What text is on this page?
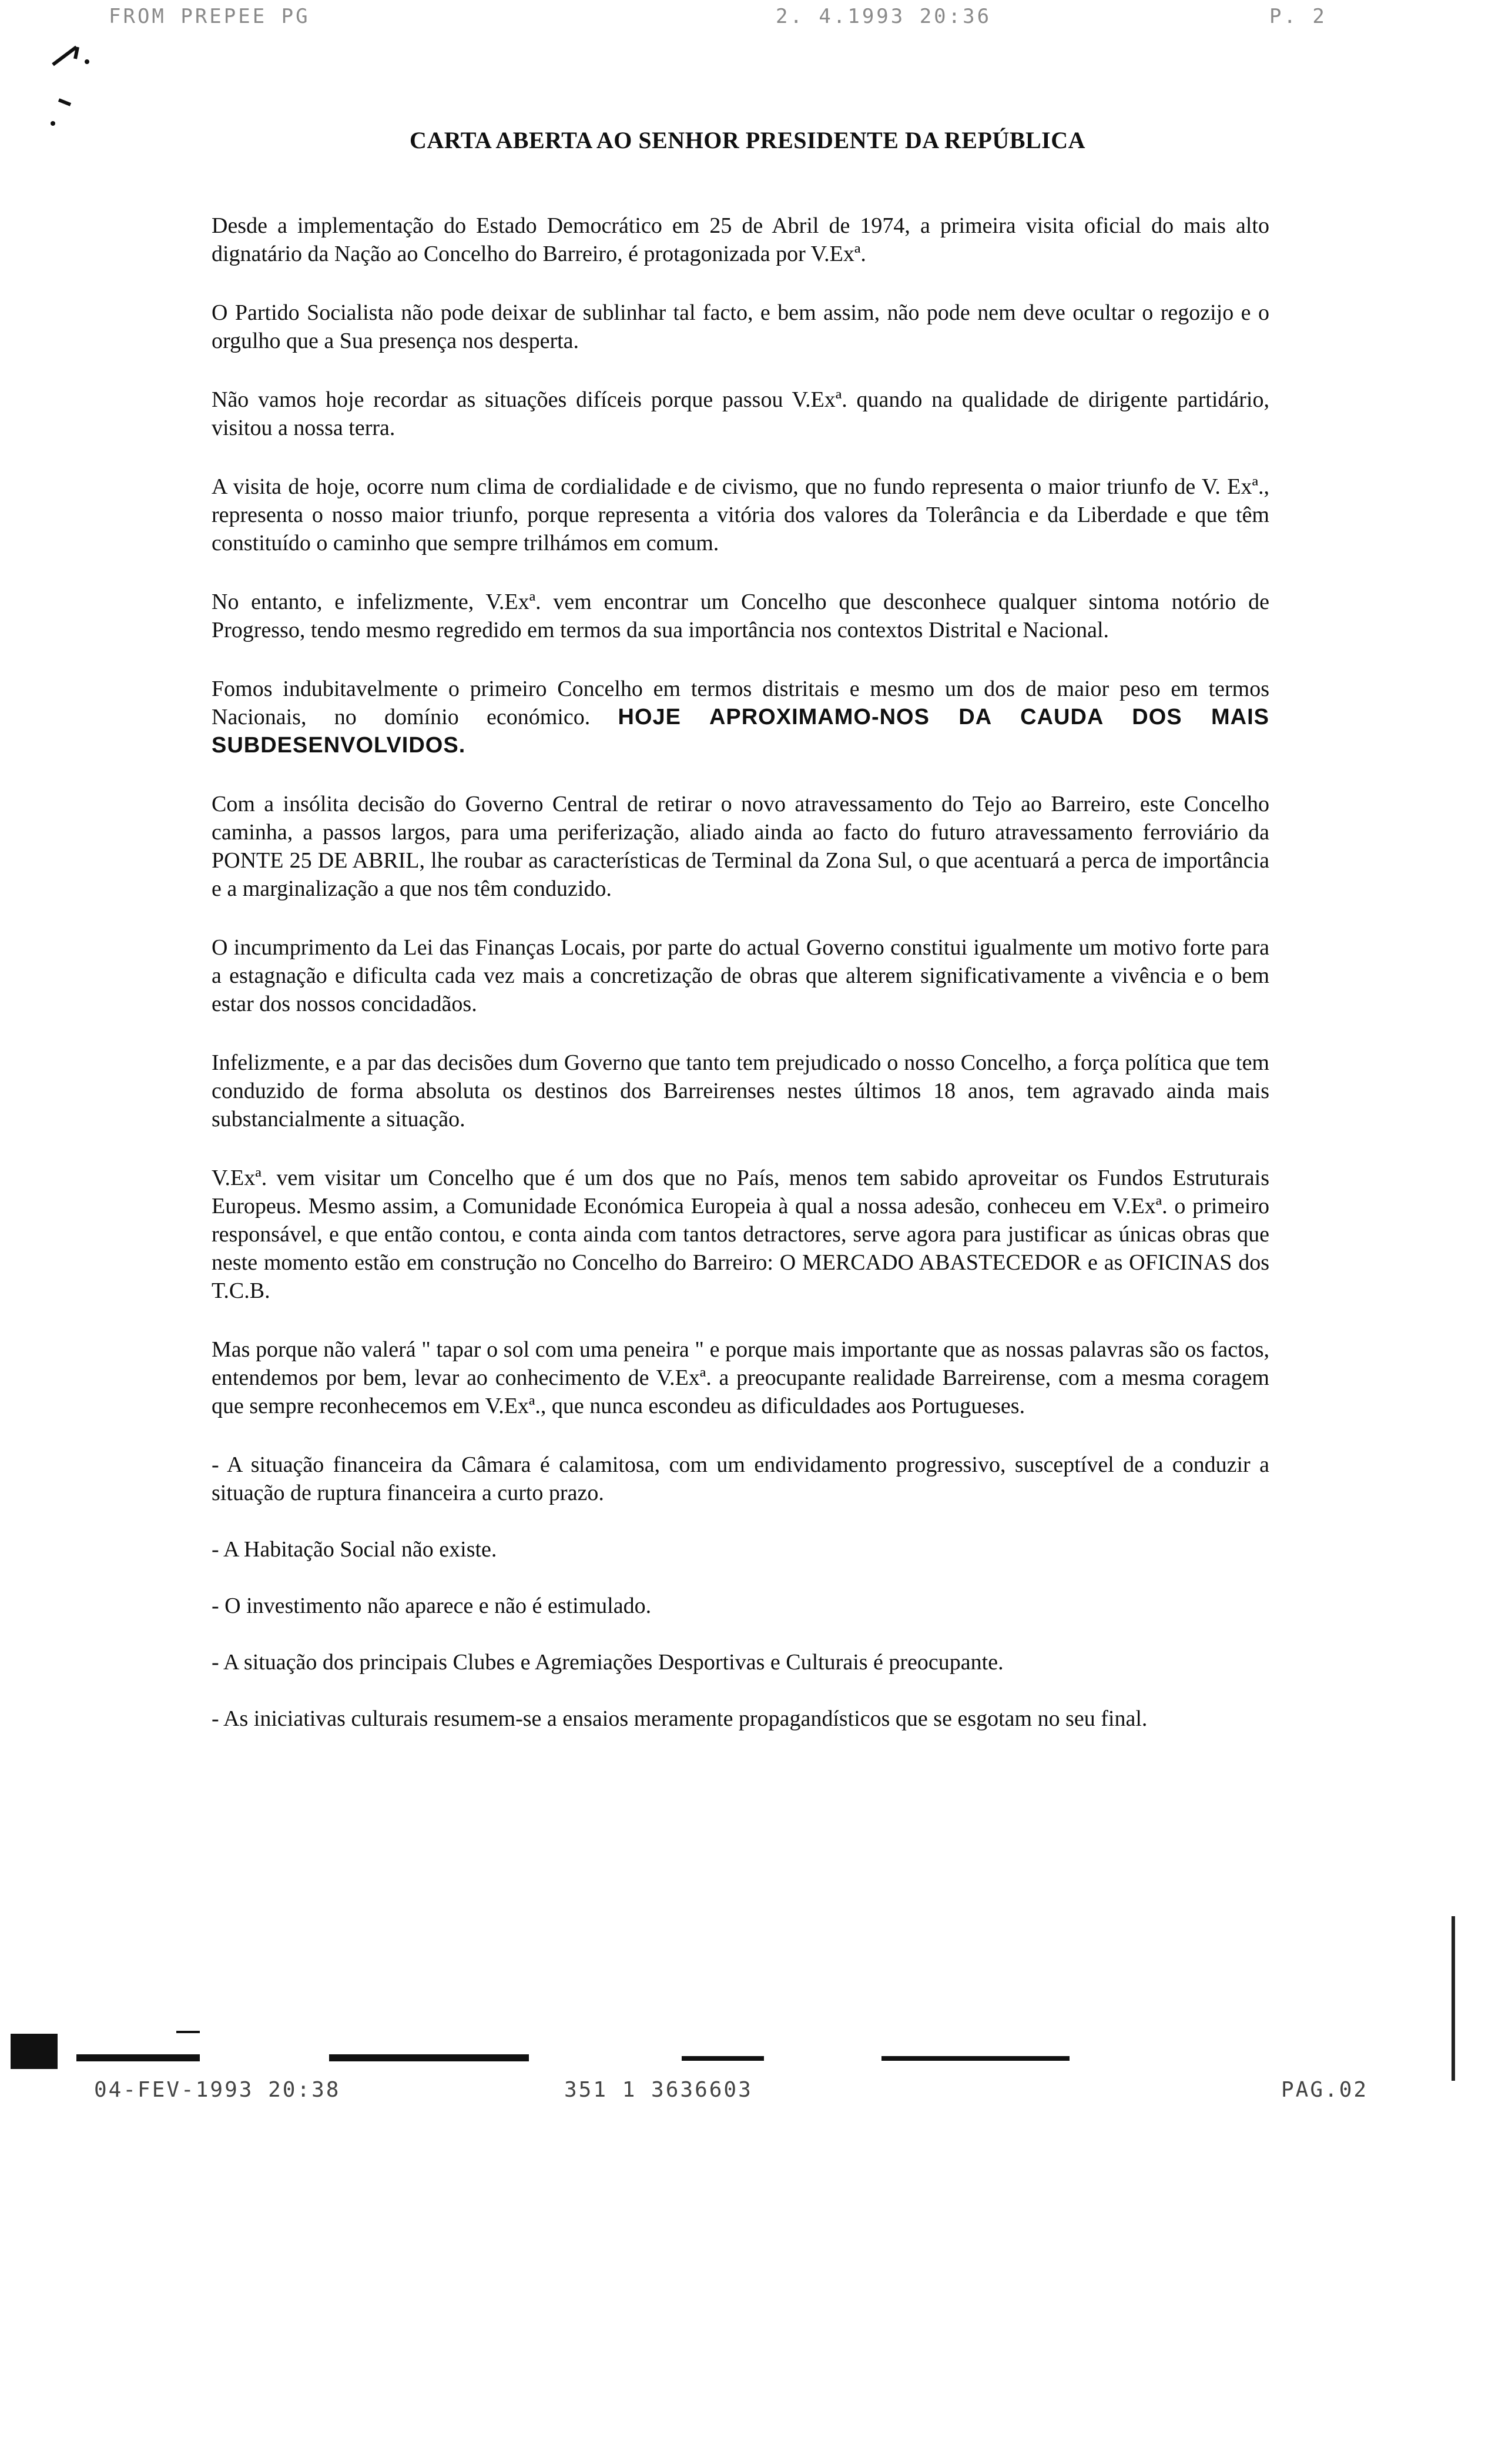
FROM PREPEE PG	2. 4.1993 20:36	P. 2
CARTA ABERTA AO SENHOR PRESIDENTE DA REPÚBLICA

Desde a implementação do Estado Democrático em 25 de Abril de 1974, a primeira visita oficial do mais alto dignatário da Nação ao Concelho do Barreiro, é protagonizada por V.Exª.

O Partido Socialista não pode deixar de sublinhar tal facto, e bem assim, não pode nem deve ocultar o regozijo e o orgulho que a Sua presença nos desperta.

Não vamos hoje recordar as situações difíceis porque passou V.Exª. quando na qualidade de dirigente partidário, visitou a nossa terra.

A visita de hoje, ocorre num clima de cordialidade e de civismo, que no fundo representa o maior triunfo de V. Exª., representa o nosso maior triunfo, porque representa a vitória dos valores da Tolerância e da Liberdade e que têm constituído o caminho que sempre trilhámos em comum.

No entanto, e infelizmente, V.Exª. vem encontrar um Concelho que desconhece qualquer sintoma notório de Progresso, tendo mesmo regredido em termos da sua importância nos contextos Distrital e Nacional.

Fomos indubitavelmente o primeiro Concelho em termos distritais e mesmo um dos de maior peso em termos Nacionais, no domínio económico. HOJE APROXIMAMO-NOS DA CAUDA DOS MAIS SUBDESENVOLVIDOS.

Com a insólita decisão do Governo Central de retirar o novo atravessamento do Tejo ao Barreiro, este Concelho caminha, a passos largos, para uma periferização, aliado ainda ao facto do futuro atravessamento ferroviário da PONTE 25 DE ABRIL, lhe roubar as características de Terminal da Zona Sul, o que acentuará a perca de importância e a marginalização a que nos têm conduzido.

O incumprimento da Lei das Finanças Locais, por parte do actual Governo constitui igualmente um motivo forte para a estagnação e dificulta cada vez mais a concretização de obras que alterem significativamente a vivência e o bem estar dos nossos concidadãos.

Infelizmente, e a par das decisões dum Governo que tanto tem prejudicado o nosso Concelho, a força política que tem conduzido de forma absoluta os destinos dos Barreirenses nestes últimos 18 anos, tem agravado ainda mais substancialmente a situação.

V.Exª. vem visitar um Concelho que é um dos que no País, menos tem sabido aproveitar os Fundos Estruturais Europeus. Mesmo assim, a Comunidade Económica Europeia à qual a nossa adesão, conheceu em V.Exª. o primeiro responsável, e que então contou, e conta ainda com tantos detractores, serve agora para justificar as únicas obras que neste momento estão em construção no Concelho do Barreiro: O MERCADO ABASTECEDOR e as OFICINAS dos T.C.B.

Mas porque não valerá " tapar o sol com uma peneira " e porque mais importante que as nossas palavras são os factos, entendemos por bem, levar ao conhecimento de V.Exª. a preocupante realidade Barreirense, com a mesma coragem que sempre reconhecemos em V.Exª., que nunca escondeu as dificuldades aos Portugueses.

- A situação financeira da Câmara é calamitosa, com um endividamento progressivo, susceptível de a conduzir a situação de ruptura financeira a curto prazo.

- A Habitação Social não existe.

- O investimento não aparece e não é estimulado.

- A situação dos principais Clubes e Agremiações Desportivas e Culturais é preocupante.

- As iniciativas culturais resumem-se a ensaios meramente propagandísticos que se esgotam no seu final.

04-FEV-1993 20:38	351 1 3636603	PAG.02
